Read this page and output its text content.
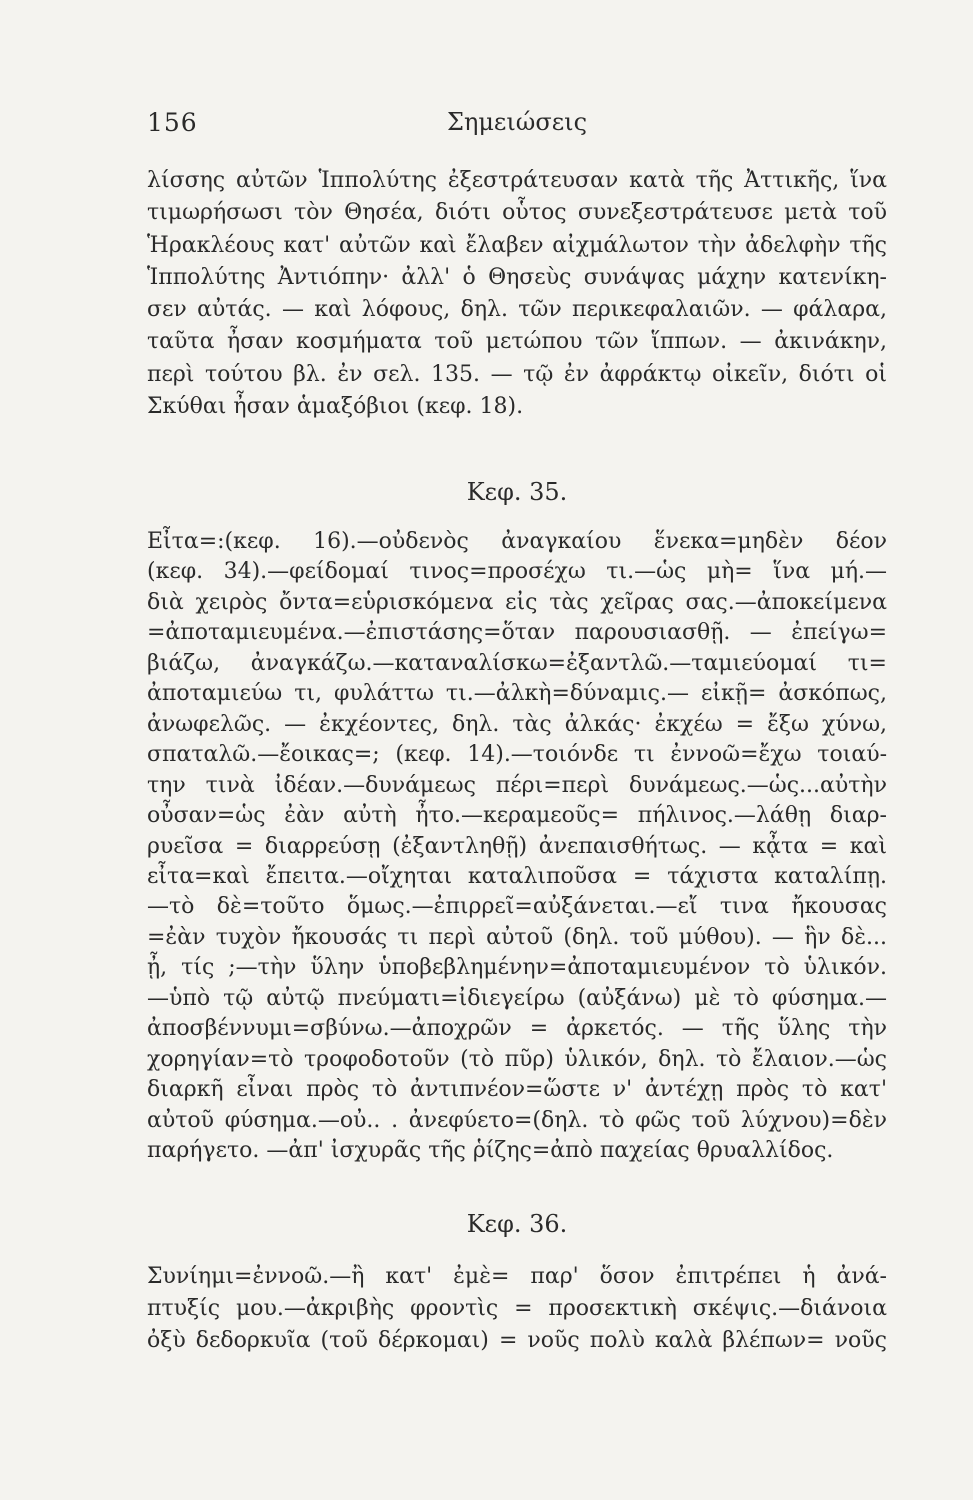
156	Σημειώσεις
λίσσης αὐτῶν Ἱππολύτης ἐξεστράτευσαν κατὰ τῆς Ἀττικῆς, ἵνα
τιμωρήσωσι τὸν Θησέα, διότι οὗτος συνεξεστράτευσε μετὰ τοῦ
Ἡρακλέους κατ' αὐτῶν καὶ ἔλαβεν αἰχμάλωτον τὴν ἀδελφὴν τῆς
Ἱππολύτης Ἀντιόπην· ἀλλ' ὁ Θησεὺς συνάψας μάχην κατενίκη-
σεν αὐτάς. — καὶ λόφους, δηλ. τῶν περικεφαλαιῶν. — φάλαρα,
ταῦτα ἦσαν κοσμήματα τοῦ μετώπου τῶν ἵππων. — ἀκινάκην,
περὶ τούτου βλ. ἐν σελ. 135. — τῷ ἐν ἀφράκτῳ οἰκεῖν, διότι οἱ
Σκύθαι ἦσαν ἁμαξόβιοι (κεφ. 18).
Κεφ. 35.
Εἶτα=:(κεφ. 16).—οὐδενὸς ἀναγκαίου ἕνεκα=μηδὲν δέον
(κεφ. 34).—φείδομαί τινος=προσέχω τι.—ὡς μὴ= ἵνα μή.—
διὰ χειρὸς ὄντα=εὑρισκόμενα εἰς τὰς χεῖρας σας.—ἀποκείμενα
=ἀποταμιευμένα.—ἐπιστάσης=ὅταν παρουσιασθῇ. — ἐπείγω=
βιάζω, ἀναγκάζω.—καταναλίσκω=ἐξαντλῶ.—ταμιεύομαί τι=
ἀποταμιεύω τι, φυλάττω τι.—ἀλκὴ=δύναμις.— εἰκῇ= ἀσκόπως,
ἀνωφελῶς. — ἐκχέοντες, δηλ. τὰς ἀλκάς· ἐκχέω = ἔξω χύνω,
σπαταλῶ.—ἔοικας=; (κεφ. 14).—τοιόνδε τι ἐννοῶ=ἔχω τοιαύ-
την τινὰ ἰδέαν.—δυνάμεως πέρι=περὶ δυνάμεως.—ὡς...αὐτὴν
οὖσαν=ὡς ἐὰν αὐτὴ ἦτο.—κεραμεοῦς= πήλινος.—λάθῃ διαρ-
ρυεῖσα = διαρρεύσῃ (ἐξαντληθῇ) ἀνεπαισθήτως. — κᾆτα = καὶ
εἶτα=καὶ ἔπειτα.—οἴχηται καταλιποῦσα = τάχιστα καταλίπῃ.
—τὸ δὲ=τοῦτο ὅμως.—ἐπιρρεῖ=αὐξάνεται.—εἴ τινα ἤκουσας
=ἐὰν τυχὸν ἤκουσάς τι περὶ αὐτοῦ (δηλ. τοῦ μύθου). — ἣν δὲ...
ᾖ, τίς ;—τὴν ὕλην ὑποβεβλημένην=ἀποταμιευμένον τὸ ὑλικόν.
—ὑπὸ τῷ αὐτῷ πνεύματι=ἰδιεγείρω (αὐξάνω) μὲ τὸ φύσημα.—
ἀποσβέννυμι=σβύνω.—ἀποχρῶν = ἀρκετός. — τῆς ὕλης τὴν
χορηγίαν=τὸ τροφοδοτοῦν (τὸ πῦρ) ὑλικόν, δηλ. τὸ ἔλαιον.—ὡς
διαρκῆ εἶναι πρὸς τὸ ἀντιπνέον=ὥστε ν' ἀντέχῃ πρὸς τὸ κατ'
αὐτοῦ φύσημα.—οὐ.. . ἀνεφύετο=(δηλ. τὸ φῶς τοῦ λύχνου)=δὲν
παρήγετο. —ἀπ' ἰσχυρᾶς τῆς ῥίζης=ἀπὸ παχείας θρυαλλίδος.
Κεφ. 36.
Συνίημι=ἐννοῶ.—ἢ κατ' ἐμὲ= παρ' ὅσον ἐπιτρέπει ἡ ἀνά-
πτυξίς μου.—ἀκριβὴς φροντὶς = προσεκτικὴ σκέψις.—διάνοια
ὀξὺ δεδορκυῖα (τοῦ δέρκομαι) = νοῦς πολὺ καλὰ βλέπων= νοῦς
